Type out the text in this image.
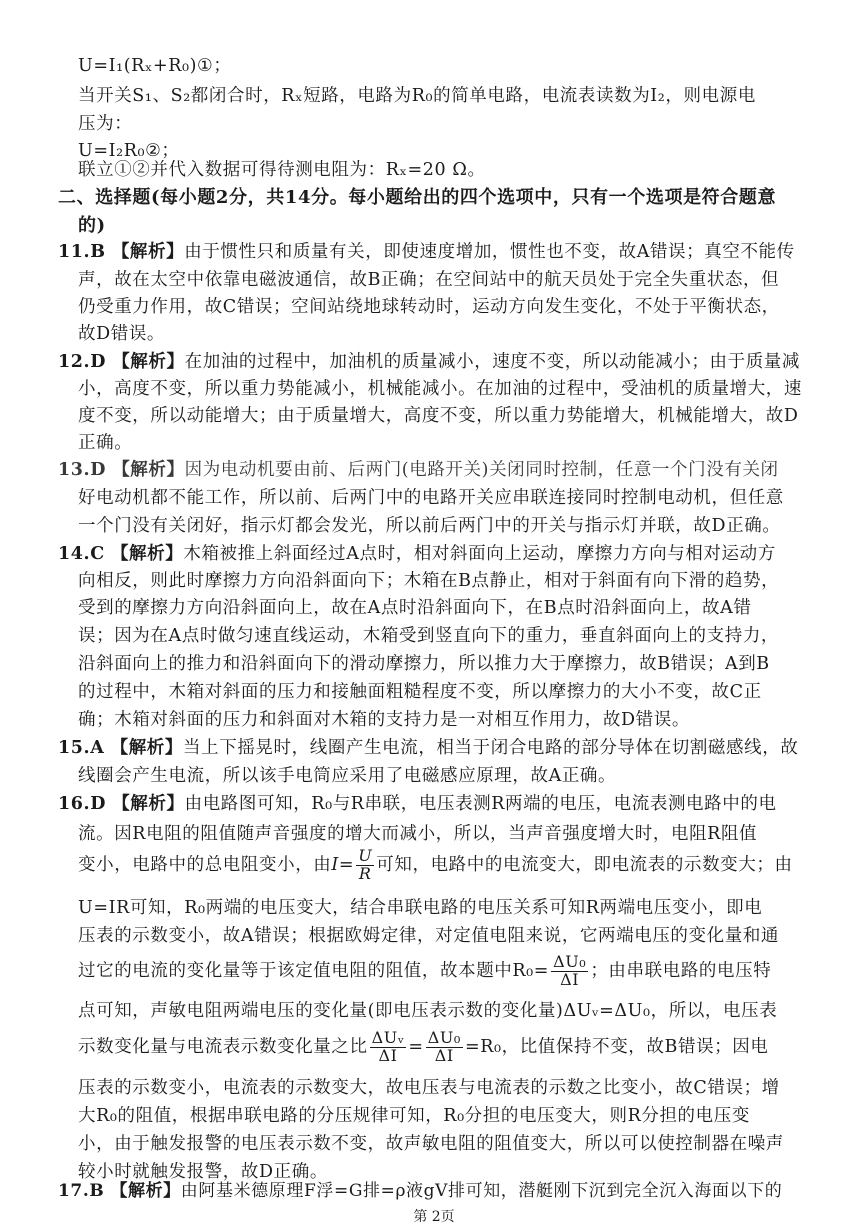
U=I₁(Rₓ+R₀)①；
当开关S₁、S₂都闭合时，Rₓ短路，电路为R₀的简单电路，电流表读数为I₂，则电源电
压为：
U=I₂R₀②；
联立①②并代入数据可得待测电阻为：Rₓ=20 Ω。
二、选择题(每小题2分，共14分。每小题给出的四个选项中，只有一个选项是符合题意
的)
11.B 【解析】由于惯性只和质量有关，即使速度增加，惯性也不变，故A错误；真空不能传
声，故在太空中依靠电磁波通信，故B正确；在空间站中的航天员处于完全失重状态，但
仍受重力作用，故C错误；空间站绕地球转动时，运动方向发生变化，不处于平衡状态，
故D错误。
12.D 【解析】在加油的过程中，加油机的质量减小，速度不变，所以动能减小；由于质量减
小，高度不变，所以重力势能减小，机械能减小。在加油的过程中，受油机的质量增大，速
度不变，所以动能增大；由于质量增大，高度不变，所以重力势能增大，机械能增大，故D
正确。
13.D 【解析】因为电动机要由前、后两门(电路开关)关闭同时控制，任意一个门没有关闭
好电动机都不能工作，所以前、后两门中的电路开关应串联连接同时控制电动机，但任意
一个门没有关闭好，指示灯都会发光，所以前后两门中的开关与指示灯并联，故D正确。
14.C 【解析】木箱被推上斜面经过A点时，相对斜面向上运动，摩擦力方向与相对运动方
向相反，则此时摩擦力方向沿斜面向下；木箱在B点静止，相对于斜面有向下滑的趋势，
受到的摩擦力方向沿斜面向上，故在A点时沿斜面向下，在B点时沿斜面向上，故A错
误；因为在A点时做匀速直线运动，木箱受到竖直向下的重力，垂直斜面向上的支持力，
沿斜面向上的推力和沿斜面向下的滑动摩擦力，所以推力大于摩擦力，故B错误；A到B
的过程中，木箱对斜面的压力和接触面粗糙程度不变，所以摩擦力的大小不变，故C正
确；木箱对斜面的压力和斜面对木箱的支持力是一对相互作用力，故D错误。
15.A 【解析】当上下摇晃时，线圈产生电流，相当于闭合电路的部分导体在切割磁感线，故
线圈会产生电流，所以该手电筒应采用了电磁感应原理，故A正确。
16.D 【解析】由电路图可知，R₀与R串联，电压表测R两端的电压，电流表测电路中的电
流。因R电阻的阻值随声音强度的增大而减小，所以，当声音强度增大时，电阻R阻值
变小，电路中的总电阻变小，由$I= \frac{U}{R}$ 可知，电路中的电流变大，即电流表的示数变大；由
U=IR可知，R₀两端的电压变大，结合串联电路的电压关系可知R两端电压变小，即电
压表的示数变小，故A错误；根据欧姆定律，对定值电阻来说，它两端电压的变化量和通
过它的电流的变化量等于该定值电阻的阻值，故本题中$R_0= \frac{\text{ΔU₀}}{\Delta I}$ ；由串联电路的电压特
点可知，声敏电阻两端电压的变化量(即电压表示数的变化量)ΔUᵥ=ΔU₀，所以，电压表
示数变化量与电流表示数变化量之比 $\frac{\text{ΔUᵥ}}{\Delta I} = \frac{\text{ΔU₀}}{\Delta I} =R_0$，比值保持不变，故B错误；因电
压表的示数变小，电流表的示数变大，故电压表与电流表的示数之比变小，故C错误；增
大R₀的阻值，根据串联电路的分压规律可知，R₀分担的电压变大，则R分担的电压变
小，由于触发报警的电压表示数不变，故声敏电阻的阻值变大，所以可以使控制器在噪声
较小时就触发报警，故D正确。
17.B 【解析】由阿基米德原理F浮=G排=ρ液gV排可知，潜艇刚下沉到完全沉入海面以下的
第 2页
